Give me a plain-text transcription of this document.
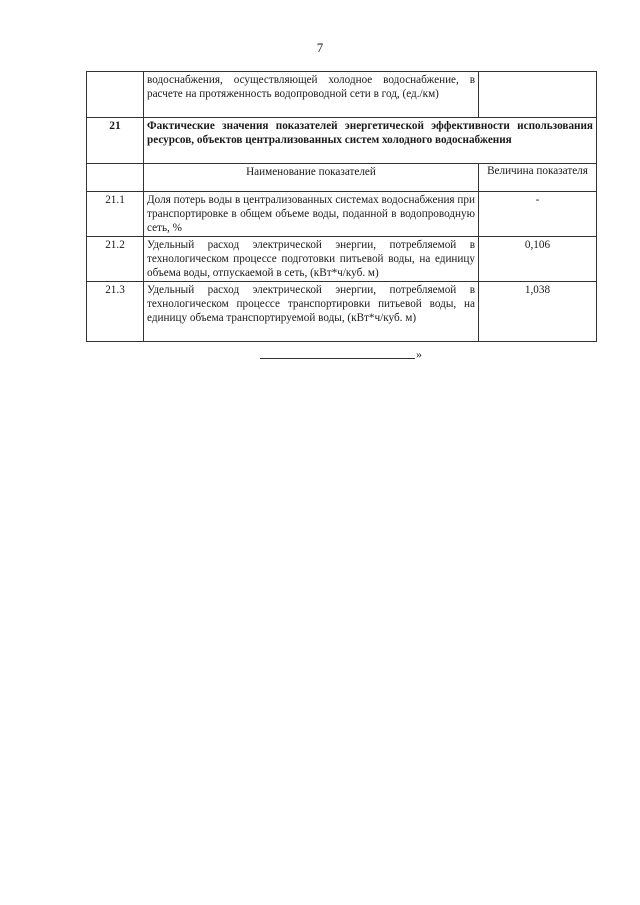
7
	водоснабжения, осуществляющей холодное водоснабжение, в расчете на протяженность водопроводной сети в год, (ед./км)	
21	Фактические значения показателей энергетической эффективности использования ресурсов, объектов централизованных систем холодного водоснабжения	
	Наименование показателей	Величина показателя
21.1	Доля потерь воды в централизованных системах водоснабжения при транспортировке в общем объеме воды, поданной в водопроводную сеть, %	-
21.2	Удельный расход электрической энергии, потребляемой в технологическом процессе подготовки питьевой воды, на единицу объема воды, отпускаемой в сеть, (кВт*ч/куб. м)	0,106
21.3	Удельный расход электрической энергии, потребляемой в технологическом процессе транспортировки питьевой воды, на единицу объема транспортируемой воды, (кВт*ч/куб. м)	1,038
»
